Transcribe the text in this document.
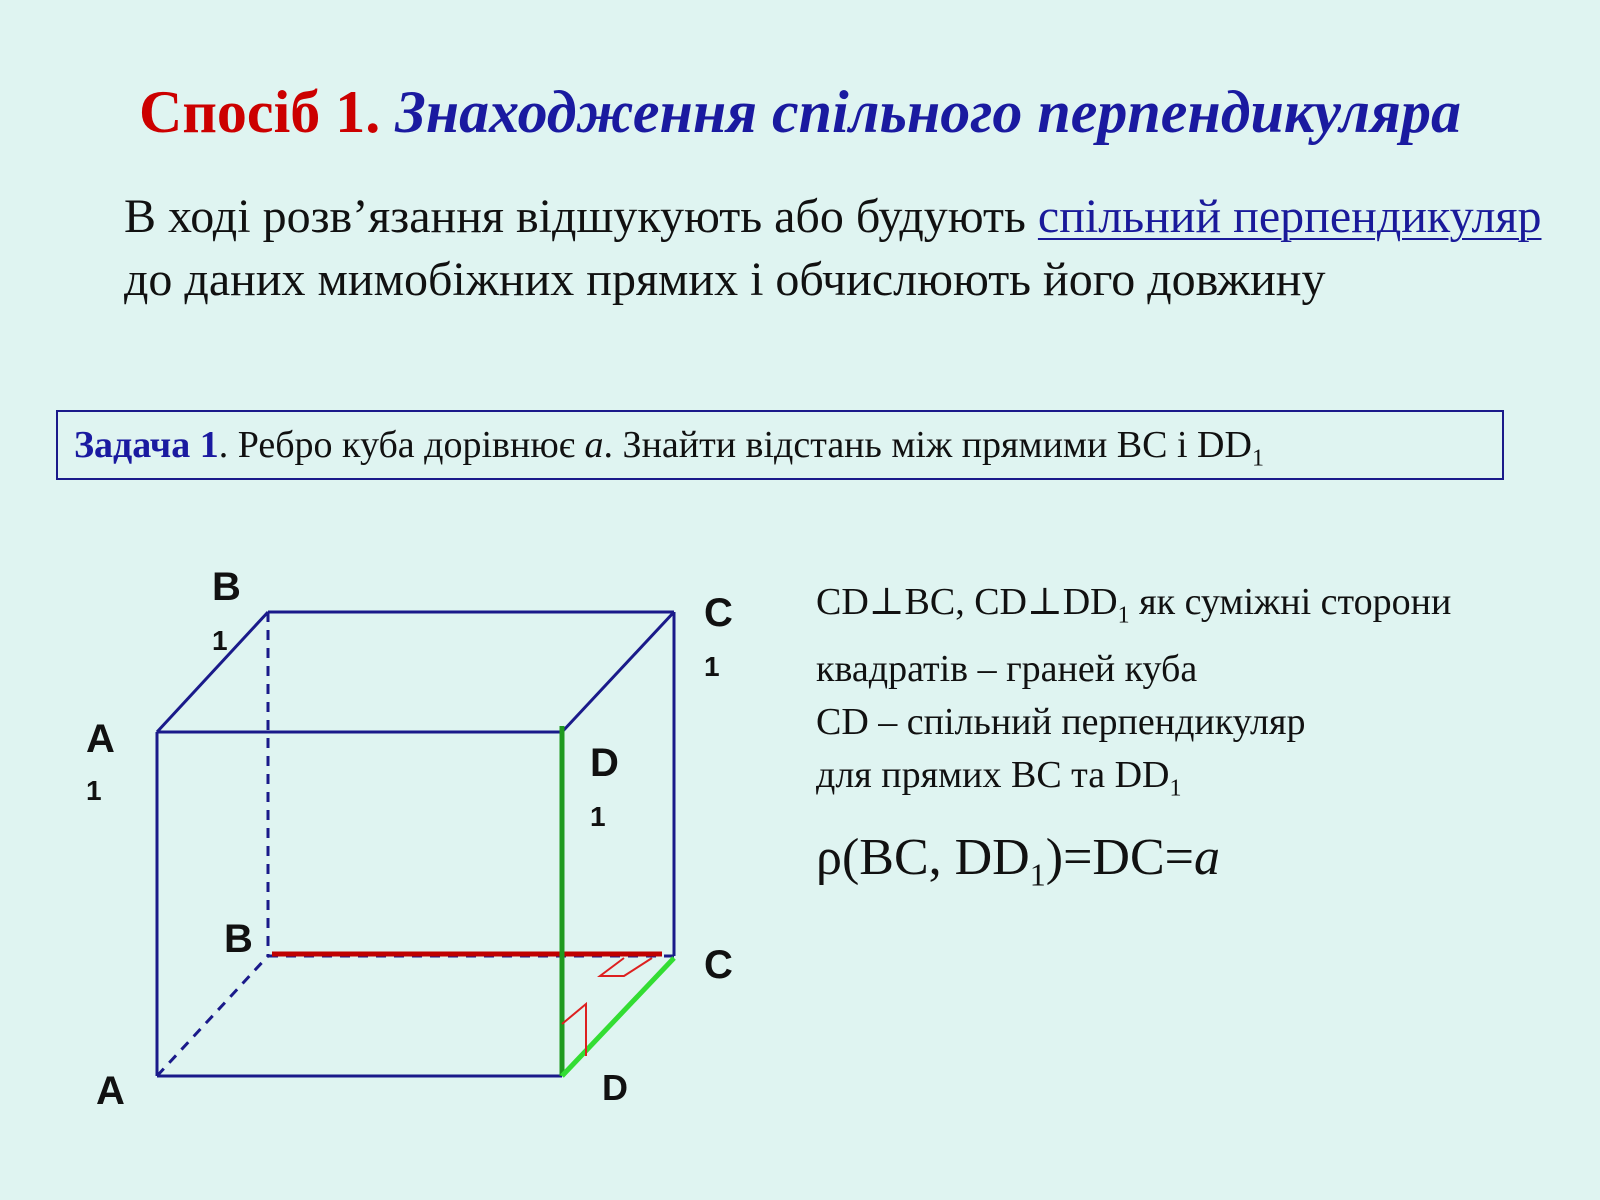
Спосіб 1. Знаходження спільного перпендикуляра
В ході розв’язання відшукують або будують спільний перпендикуляр до даних мимобіжних прямих і обчислюють його довжину
Задача 1. Ребро куба дорівнює a. Знайти відстань між прямими ВС і $DD_1$
B
1
C
1
A
1
D
1
B
C
A	D

CD⊥BC, $CD\perp DD_1$ як суміжні сторони

квадратів – граней куба

CD – спільний перпендикуляр

для прямих ВС та $DD_1$

ρ(BC, $DD_1)=DC=a$
